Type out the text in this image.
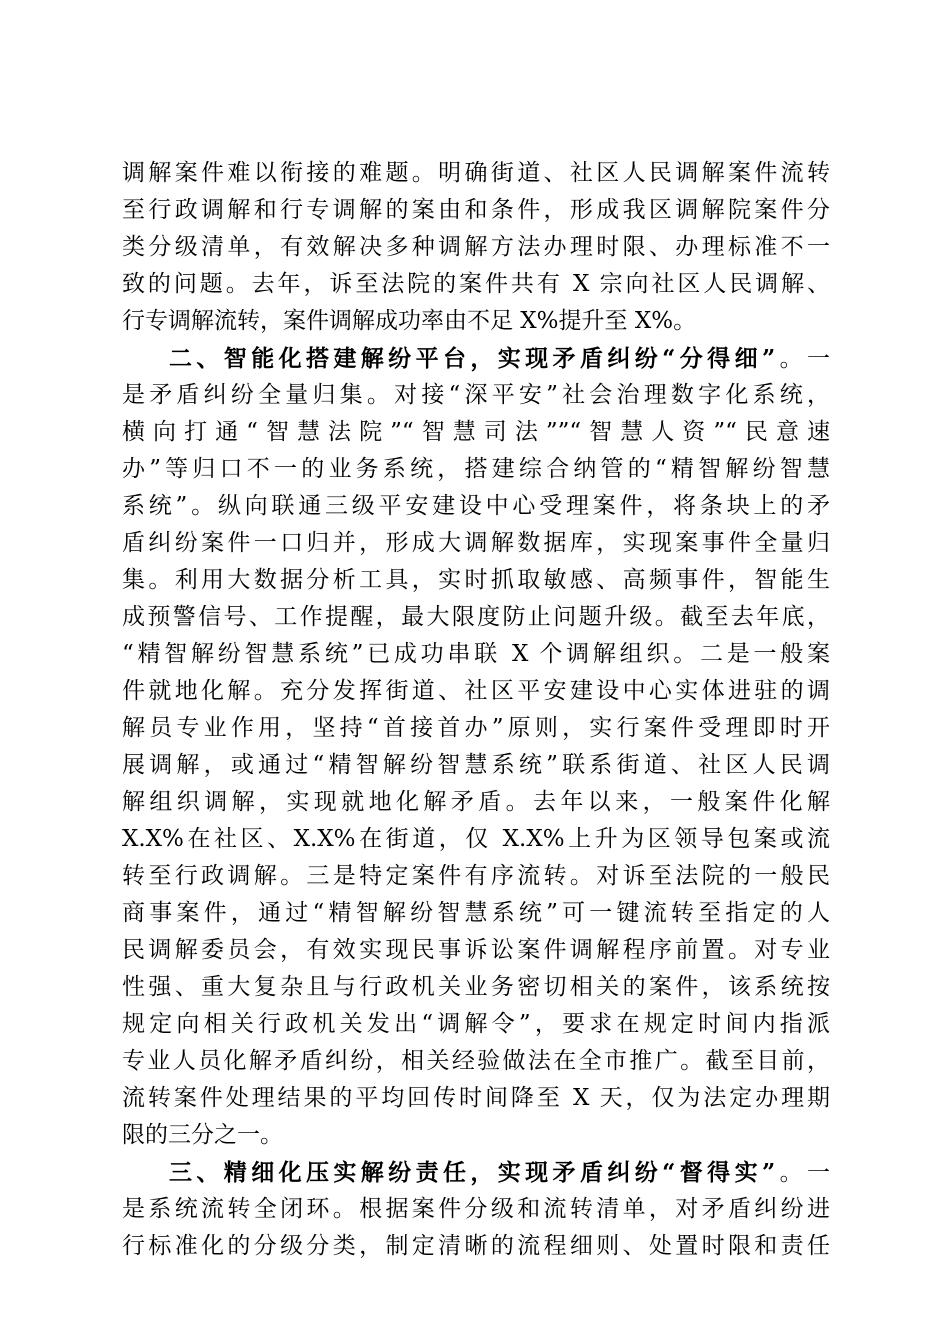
调解案件难以衔接的难题。明确街道、社区人民调解案件流转
至行政调解和行专调解的案由和条件，形成我区调解院案件分
类分级清单，有效解决多种调解方法办理时限、办理标准不一
致的问题。去年，诉至法院的案件共有 X 宗向社区人民调解、
行专调解流转，案件调解成功率由不足 X%提升至 X%。
二、智能化搭建解纷平台，实现矛盾纠纷“分得细”。一
是矛盾纠纷全量归集。对接“深平安”社会治理数字化系统，
横向打通“智慧法院”“智慧司法””“智慧人资”“民意速
办”等归口不一的业务系统，搭建综合纳管的“精智解纷智慧
系统”。纵向联通三级平安建设中心受理案件，将条块上的矛
盾纠纷案件一口归并，形成大调解数据库，实现案事件全量归
集。利用大数据分析工具，实时抓取敏感、高频事件，智能生
成预警信号、工作提醒，最大限度防止问题升级。截至去年底，
“精智解纷智慧系统”已成功串联 X 个调解组织。二是一般案
件就地化解。充分发挥街道、社区平安建设中心实体进驻的调
解员专业作用，坚持“首接首办”原则，实行案件受理即时开
展调解，或通过“精智解纷智慧系统”联系街道、社区人民调
解组织调解，实现就地化解矛盾。去年以来，一般案件化解
X.X%在社区、X.X%在街道，仅 X.X%上升为区领导包案或流
转至行政调解。三是特定案件有序流转。对诉至法院的一般民
商事案件，通过“精智解纷智慧系统”可一键流转至指定的人
民调解委员会，有效实现民事诉讼案件调解程序前置。对专业
性强、重大复杂且与行政机关业务密切相关的案件，该系统按
规定向相关行政机关发出“调解令”，要求在规定时间内指派
专业人员化解矛盾纠纷，相关经验做法在全市推广。截至目前，
流转案件处理结果的平均回传时间降至 X 天，仅为法定办理期
限的三分之一。
三、精细化压实解纷责任，实现矛盾纠纷“督得实”。一
是系统流转全闭环。根据案件分级和流转清单，对矛盾纠纷进
行标准化的分级分类，制定清晰的流程细则、处置时限和责任
